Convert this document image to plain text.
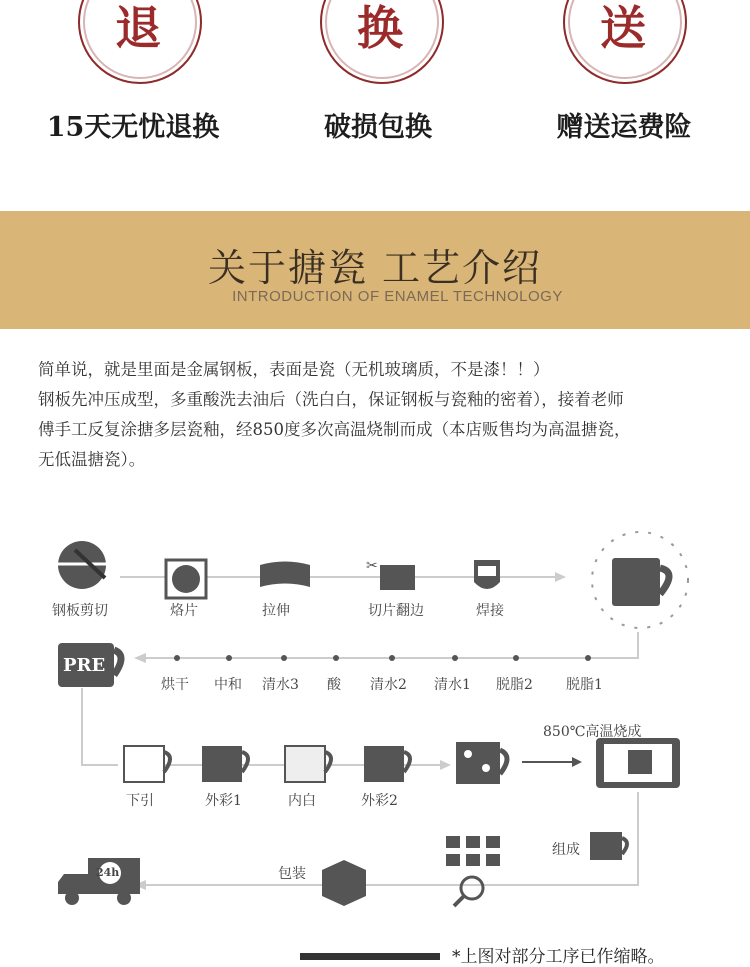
退
15天无忧退换
换
破损包换
送
赠送运费险
关于搪瓷 工艺介绍
INTRODUCTION OF ENAMEL TECHNOLOGY

简单说，就是里面是金属钢板，表面是瓷（无机玻璃质，不是漆！！）

钢板先冲压成型，多重酸洗去油后（洗白白，保证钢板与瓷釉的密着），接着老师

傅手工反复涂搪多层瓷釉，经850度多次高温烧制而成（本店贩售均为高温搪瓷，

无低温搪瓷）。

✂
钢板剪切	烙片	拉伸	切片翻边	焊接
PRE
烘干 中和 清水3 酸 清水2 清水1 脱脂2 脱脂1
下引	外彩1	内白	外彩2
850℃高温烧成
组成
包装
24h
*上图对部分工序已作缩略。
